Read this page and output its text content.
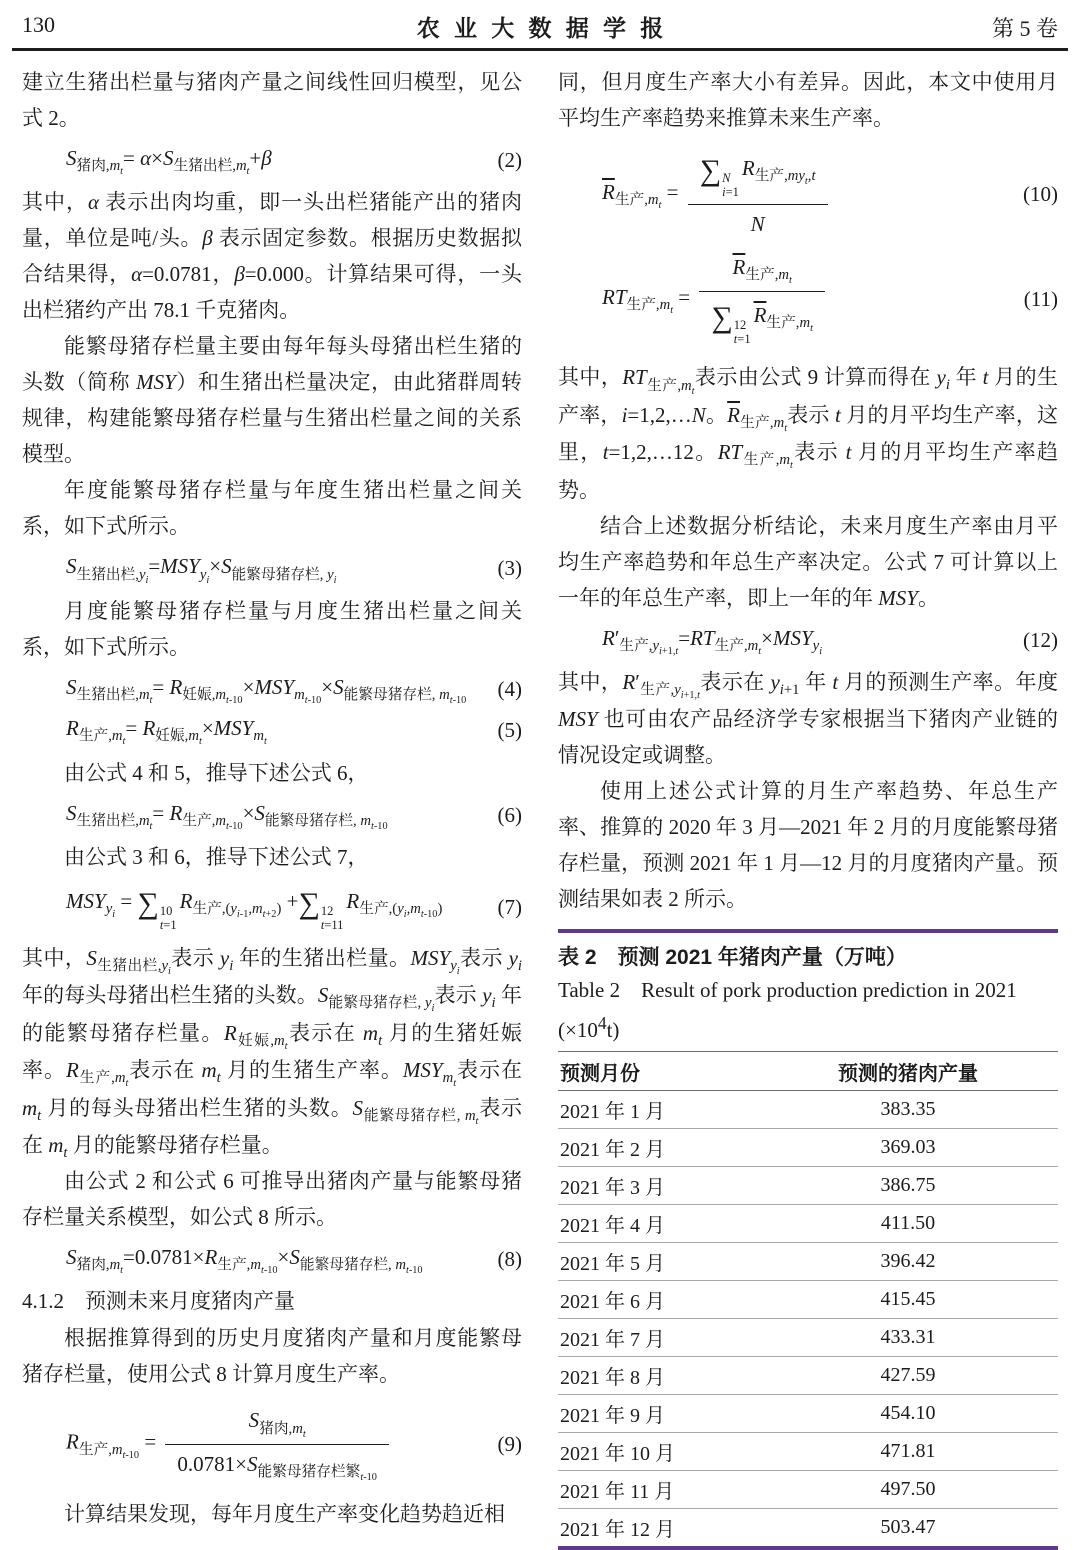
130	农业大数据学报	第 5 卷

建立生猪出栏量与猪肉产量之间线性回归模型，见公式 2。

$S_{猪肉,m_t}= \alpha\times S_{生猪出栏,m_t}+\beta$	(2)

其中，α 表示出肉均重，即一头出栏猪能产出的猪肉量，单位是吨/头。β 表示固定参数。根据历史数据拟合结果得，α=0.0781，β=0.000。计算结果可得，一头出栏猪约产出 78.1 千克猪肉。

能繁母猪存栏量主要由每年每头母猪出栏生猪的头数（简称 MSY）和生猪出栏量决定，由此猪群周转规律，构建能繁母猪存栏量与生猪出栏量之间的关系模型。

年度能繁母猪存栏量与年度生猪出栏量之间关系，如下式所示。

$S_{生猪出栏,y_i}=MSY_{y_i}\times S_{能繁母猪存栏, y_i}$	(3)

月度能繁母猪存栏量与月度生猪出栏量之间关系，如下式所示。

$S_{生猪出栏,m_t}= R_{妊娠,m_{t-10}}\times MSY_{m_{t-10}}\times S_{能繁母猪存栏, m_{t-10}}$	(4)
$R_{生产,m_t}= R_{妊娠,m_t}\times MSY_{m_t}$	(5)

由公式 4 和 5，推导下述公式 6，

$S_{生猪出栏,m_t}= R_{生产,m_{t-10}}\times S_{能繁母猪存栏, m_{t-10}}$	(6)

由公式 3 和 6，推导下述公式 7，

$MSY_{y_i}$ = ∑ 10
t=1
$R_{生产,(y_{i-1},m_{t+2})}$ +∑ 12
t=11
$R_{生产,(y_i,m_{t-10})}$	(7)

其中，$S_{生猪出栏,y_i}$表示 $y_i$ 年的生猪出栏量。$MSY_{y_i}$表示 $y_i$ 年的每头母猪出栏生猪的头数。$S_{能繁母猪存栏, y_i}$表示 $y_i$ 年的能繁母猪存栏量。$R_{妊娠,m_t}$表示在 $m_t$ 月的生猪妊娠率。$R_{生产,m_t}$表示在 $m_t$ 月的生猪生产率。$MSY_{m_t}$表示在 $m_t$ 月的每头母猪出栏生猪的头数。$S_{能繁母猪存栏, m_t}$表示在 $m_t$ 月的能繁母猪存栏量。

由公式 2 和公式 6 可推导出猪肉产量与能繁母猪存栏量关系模型，如公式 8 所示。

$S_{猪肉,m_t}=0.0781\times R_{生产,m_{t-10}}\times S_{能繁母猪存栏, m_{t-10}}$	(8)
4.1.2　预测未来月度猪肉产量

根据推算得到的历史月度猪肉产量和月度能繁母猪存栏量，使用公式 8 计算月度生产率。

$R_{生产,m_{t-10}} = \frac{S_{猪肉,m_t}}{0.0781\times S_{能繁母猪存栏繁_{t-10}}}$	(9)

计算结果发现，每年月度生产率变化趋势趋近相

同，但月度生产率大小有差异。因此，本文中使用月平均生产率趋势来推算未来生产率。

$\overline{R}_{生产,m_t}$ = ∑ N
i=1
$R_{生产,my_t,t}$
N	(10)
$RT_{生产,m_t} = \overline{R}_{生产,m_t}$
∑ 12
t=1
$\overline{R}_{生产,m_t}$	(11)

其中，$RT_{生产,m_t}$表示由公式 9 计算而得在 $y_i$ 年 t 月的生产率，i=1,2,…N。$\overline{R}_{生产,m_t}$表示 t 月的月平均生产率，这里，t=1,2,…12。$RT_{生产,m_t}$表示 t 月的月平均生产率趋势。

结合上述数据分析结论，未来月度生产率由月平均生产率趋势和年总生产率决定。公式 7 可计算以上一年的年总生产率，即上一年的年 MSY。

$R'_{生产,y_{i+1,t}}=RT_{生产,m_t}\times MSY_{y_i}$	(12)

其中，$R'_{生产,y_{i+1,t}}$表示在 $y_{i+1}$ 年 t 月的预测生产率。年度 MSY 也可由农产品经济学专家根据当下猪肉产业链的情况设定或调整。

使用上述公式计算的月生产率趋势、年总生产率、推算的 2020 年 3 月—2021 年 2 月的月度能繁母猪存栏量，预测 2021 年 1 月—12 月的月度猪肉产量。预测结果如表 2 所示。

表 2　预测 2021 年猪肉产量（万吨）
Table 2　Result of pork production prediction in 2021 $(\times 10^4t)$
预测月份	预测的猪肉产量
2021 年 1 月	383.35
2021 年 2 月	369.03
2021 年 3 月	386.75
2021 年 4 月	411.50
2021 年 5 月	396.42
2021 年 6 月	415.45
2021 年 7 月	433.31
2021 年 8 月	427.59
2021 年 9 月	454.10
2021 年 10 月	471.81
2021 年 11 月	497.50
2021 年 12 月	503.47
